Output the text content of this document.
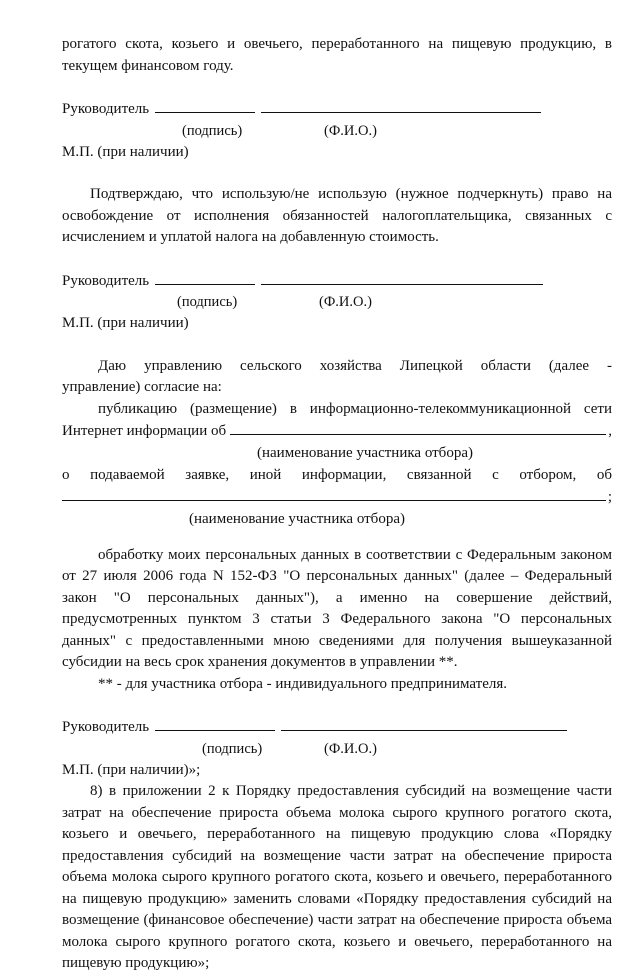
рогатого скота, козьего и овечьего, переработанного на пищевую продукцию, в текущем финансовом году.

Руководитель
(подпись)	(Ф.И.О.)
М.П. (при наличии)

Подтверждаю, что использую/не использую (нужное подчеркнуть) право на освобождение от исполнения обязанностей налогоплательщика, связанных с исчислением и уплатой налога на добавленную стоимость.

Руководитель
(подпись)	(Ф.И.О.)
М.П. (при наличии)
Даю управлению сельского хозяйства Липецкой области (далее -
управление) согласие на:
публикацию (размещение) в информационно-телекоммуникационной сети
Интернет информации об	,
(наименование участника отбора)
о подаваемой заявке, иной информации, связанной с отбором, об
;
(наименование участника отбора)

обработку моих персональных данных в соответствии с Федеральным законом от 27 июля 2006 года N 152-ФЗ "О персональных данных" (далее – Федеральный закон "О персональных данных"), а именно на совершение действий, предусмотренных пунктом 3 статьи 3 Федерального закона "О персональных данных" с предоставленными мною сведениями для получения вышеуказанной субсидии на весь срок хранения документов в управлении **.

** - для участника отбора - индивидуального предпринимателя.
Руководитель
(подпись)	(Ф.И.О.)
М.П. (при наличии)»;

8) в приложении 2 к Порядку предоставления субсидий на возмещение части затрат на обеспечение прироста объема молока сырого крупного рогатого скота, козьего и овечьего, переработанного на пищевую продукцию слова «Порядку предоставления субсидий на возмещение части затрат на обеспечение прироста объема молока сырого крупного рогатого скота, козьего и овечьего, переработанного на пищевую продукцию» заменить словами «Порядку предоставления субсидий на возмещение (финансовое обеспечение) части затрат на обеспечение прироста объема молока сырого крупного рогатого скота, козьего и овечьего, переработанного на пищевую продукцию»;
